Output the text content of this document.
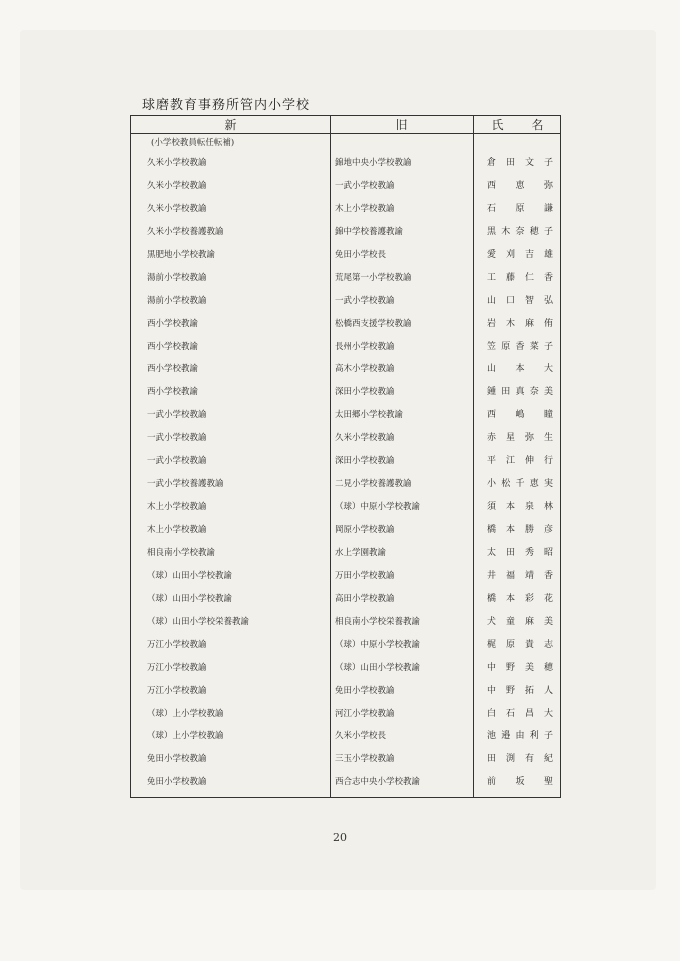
球磨教育事務所管内小学校
新	旧	氏　名
(小学校教員転任転補)
久米小学校教諭	錦地中央小学校教諭	倉田文子
久米小学校教諭	一武小学校教諭	西恵弥
久米小学校教諭	木上小学校教諭	石原謙
久米小学校養護教諭	錦中学校養護教諭	黒木奈穂子
黒肥地小学校教諭	免田小学校長	愛刈吉雄
湯前小学校教諭	荒尾第一小学校教諭	工藤仁香
湯前小学校教諭	一武小学校教諭	山口智弘
西小学校教諭	松橋西支援学校教諭	岩木麻侑
西小学校教諭	長州小学校教諭	笠原香菜子
西小学校教諭	高木小学校教諭	山本大
西小学校教諭	深田小学校教諭	鍾田真奈美
一武小学校教諭	太田郷小学校教諭	西嶋瞳
一武小学校教諭	久米小学校教諭	赤星弥生
一武小学校教諭	深田小学校教諭	平江伸行
一武小学校養護教諭	二見小学校養護教諭	小松千恵実
木上小学校教諭	（球）中原小学校教諭	須本泉林
木上小学校教諭	岡原小学校教諭	橋本勝彦
相良南小学校教諭	水上学園教諭	太田秀昭
（球）山田小学校教諭	万田小学校教諭	井福靖香
（球）山田小学校教諭	高田小学校教諭	橋本彩花
（球）山田小学校栄養教諭	相良南小学校栄養教諭	犬童麻美
万江小学校教諭	（球）中原小学校教諭	梶原貴志
万江小学校教諭	（球）山田小学校教諭	中野美穂
万江小学校教諭	免田小学校教諭	中野拓人
（球）上小学校教諭	河江小学校教諭	白石昌大
（球）上小学校教諭	久米小学校長	池邉由利子
免田小学校教諭	三玉小学校教諭	田渕有紀
免田小学校教諭	西合志中央小学校教諭	前坂聖
20
